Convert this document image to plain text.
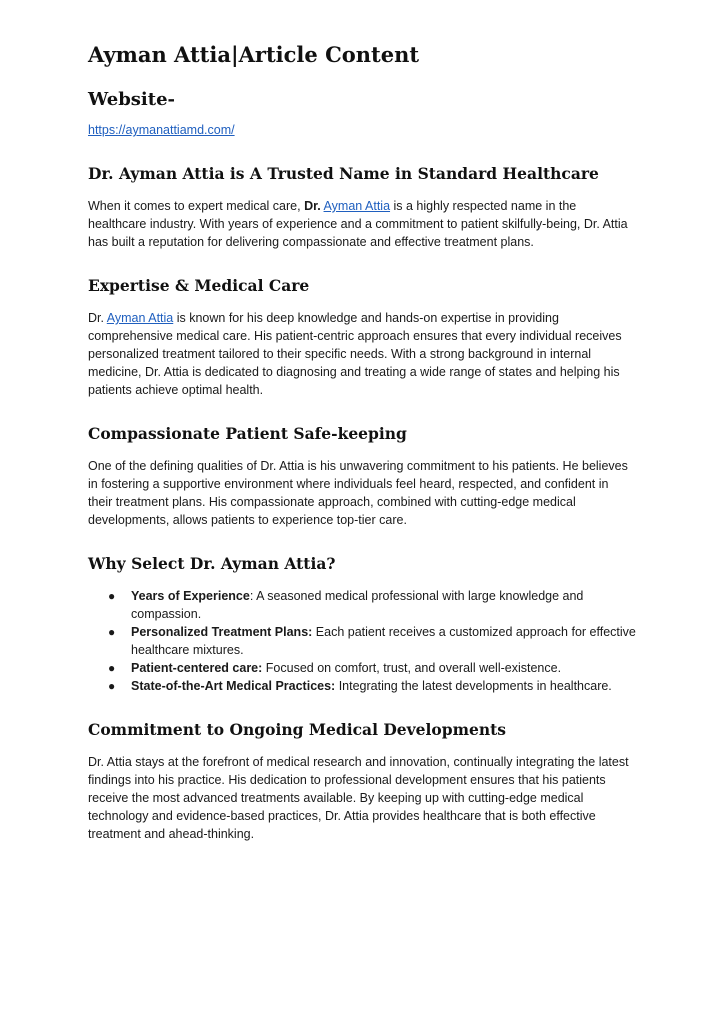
Ayman Attia|Article Content
Website-
https://aymanattiamd.com/
Dr. Ayman Attia is A Trusted Name in Standard Healthcare

When it comes to expert medical care, Dr. Ayman Attia is a highly respected name in the healthcare industry. With years of experience and a commitment to patient skilfully-being, Dr. Attia has built a reputation for delivering compassionate and effective treatment plans.

Expertise & Medical Care

Dr. Ayman Attia is known for his deep knowledge and hands-on expertise in providing comprehensive medical care. His patient-centric approach ensures that every individual receives personalized treatment tailored to their specific needs. With a strong background in internal medicine, Dr. Attia is dedicated to diagnosing and treating a wide range of states and helping his patients achieve optimal health.

Compassionate Patient Safe-keeping

One of the defining qualities of Dr. Attia is his unwavering commitment to his patients. He believes in fostering a supportive environment where individuals feel heard, respected, and confident in their treatment plans. His compassionate approach, combined with cutting-edge medical developments, allows patients to experience top-tier care.

Why Select Dr. Ayman Attia?
● Years of Experience: A seasoned medical professional with large knowledge and compassion.
● Personalized Treatment Plans: Each patient receives a customized approach for effective healthcare mixtures.
● Patient-centered care: Focused on comfort, trust, and overall well-existence.
● State-of-the-Art Medical Practices: Integrating the latest developments in healthcare.
Commitment to Ongoing Medical Developments

Dr. Attia stays at the forefront of medical research and innovation, continually integrating the latest findings into his practice. His dedication to professional development ensures that his patients receive the most advanced treatments available. By keeping up with cutting-edge medical technology and evidence-based practices, Dr. Attia provides healthcare that is both effective treatment and ahead-thinking.
